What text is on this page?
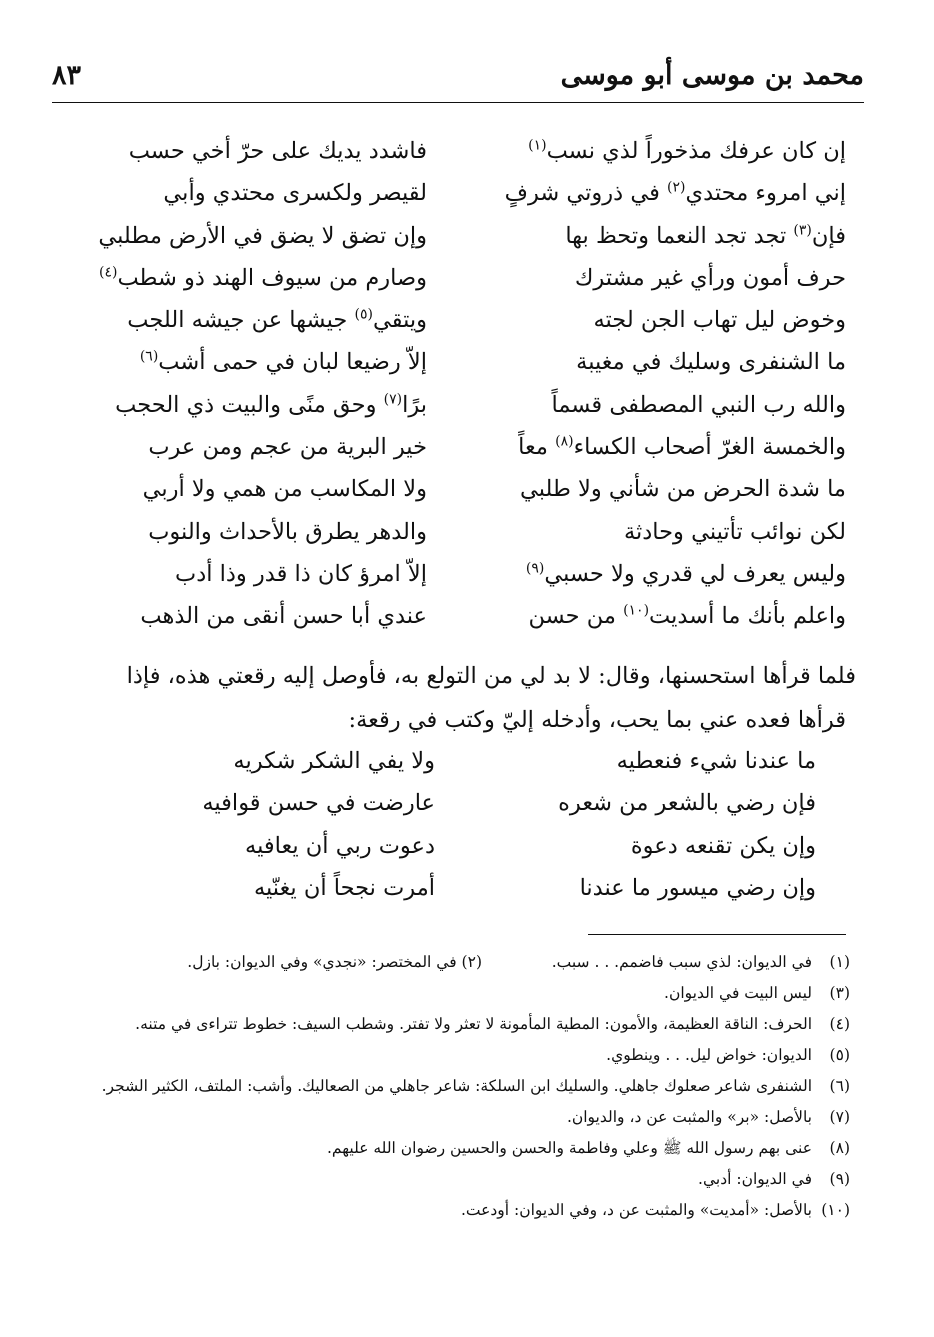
محمد بن موسى أبو موسى
٨٣
إن كان عرفك مذخوراً لذي نسب$^{(١)}$
فاشدد يديك على حرّ أخي حسب
إني امروء محتدي$^{(٢)}$ في ذروتي شرفٍ
لقيصر ولكسرى محتدي وأبي
فإن$^{(٣)}$ تجد تجد النعما وتحظ بها
وإن تضق لا يضق في الأرض مطلبي
حرف أمون ورأي غير مشترك
وصارم من سيوف الهند ذو شطب$^{(٤)}$
وخوض ليل تهاب الجن لجته
ويتقي$^{(٥)}$ جيشها عن جيشه اللجب
ما الشنفرى وسليك في مغيبة
إلاّ رضيعا لبان في حمى أشب$^{(٦)}$
والله رب النبي المصطفى قسماً
برًا$^{(٧)}$ وحق منًى والبيت ذي الحجب
والخمسة الغرّ أصحاب الكساء$^{(٨)}$ معاً
خير البرية من عجم ومن عرب
ما شدة الحرض من شأني ولا طلبي
ولا المكاسب من همي ولا أربي
لكن نوائب تأتيني وحادثة
والدهر يطرق بالأحداث والنوب
وليس يعرف لي قدري ولا حسبي$^{(٩)}$
إلاّ امرؤ كان ذا قدر وذا أدب
واعلم بأنك ما أسديت$^{(١٠)}$ من حسن
عندي أبا حسن أنقى من الذهب

فلما قرأها استحسنها، وقال: لا بد لي من التولع به، فأوصل إليه رقعتي هذه، فإذا

قرأها فعده عني بما يحب، وأدخله إليّ وكتب في رقعة:

ما عندنا شيء فنعطيه
ولا يفي الشكر شكريه
فإن رضي بالشعر من شعره
عارضت في حسن قوافيه
وإن يكن تقنعه دعوة
دعوت ربي أن يعافيه
وإن رضي ميسور ما عندنا
أمرت نجحاً أن يغنّيه
(١)
في الديوان: لذي سبب فاضمم. . . سبب.(٢) في المختصر: «نجدي» وفي الديوان: بازل.
(٣)
ليس البيت في الديوان.
(٤)
الحرف: الناقة العظيمة، والأمون: المطية المأمونة لا تعثر ولا تفتر. وشطب السيف: خطوط تتراءى في متنه.
(٥)
الديوان: خواض ليل. . . وينطوي.
(٦)
الشنفرى شاعر صعلوك جاهلي. والسليك ابن السلكة: شاعر جاهلي من الصعاليك. وأشب: الملتف، الكثير الشجر.
(٧)
بالأصل: «بر» والمثبت عن د، والديوان.
(٨)
عنى بهم رسول الله ﷺ وعلي وفاطمة والحسن والحسين رضوان الله عليهم.
(٩)
في الديوان: أدبي.
(١٠)
بالأصل: «أمديت» والمثبت عن د، وفي الديوان: أودعت.
